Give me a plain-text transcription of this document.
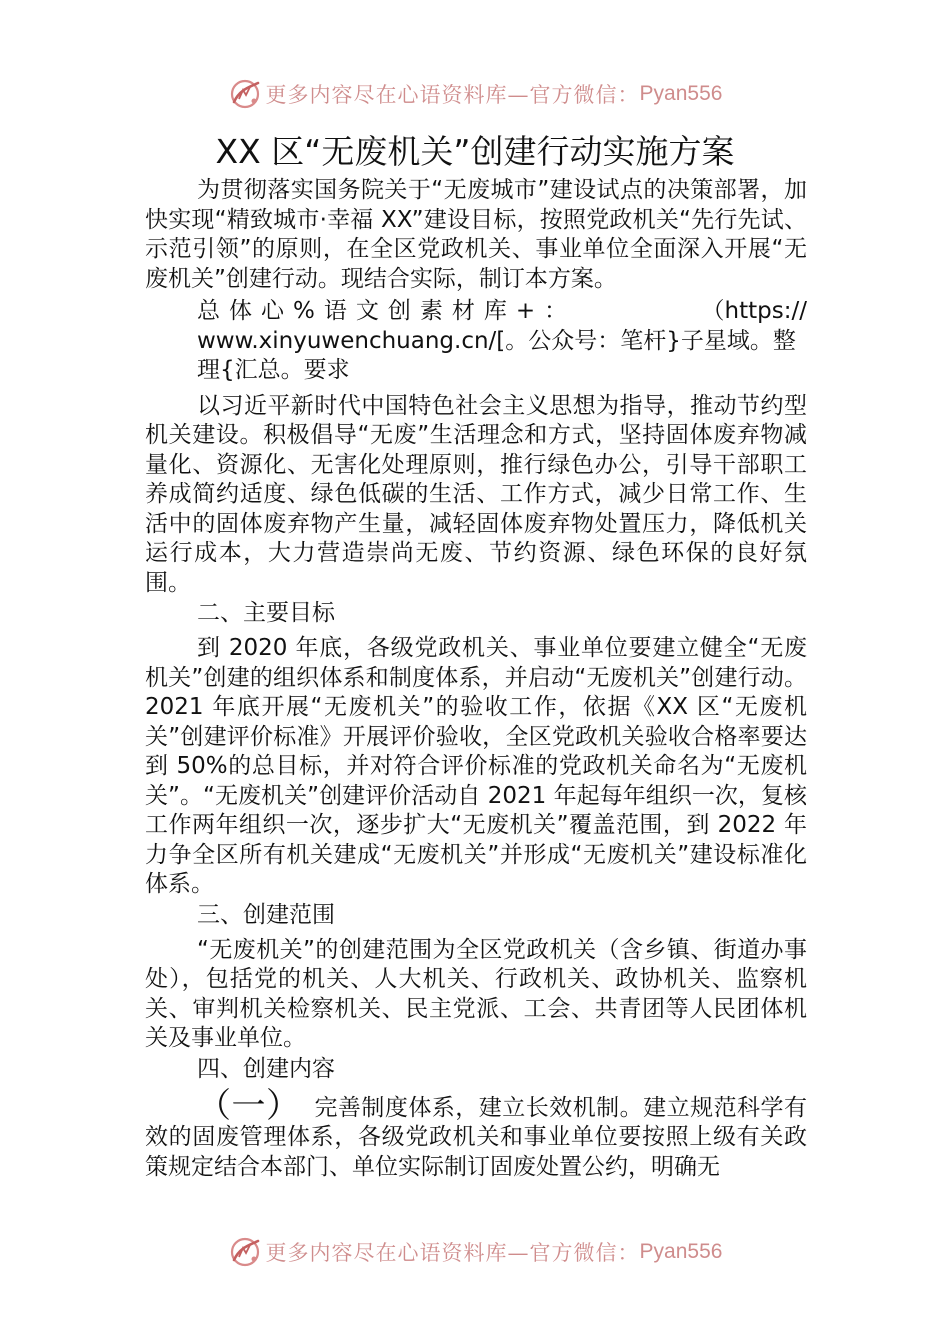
更多内容尽在心语资料库—官方微信： Pyan556
XX 区“无废机关”创建行动实施方案

为贯彻落实国务院关于“无废城市”建设试点的决策部署，加快实现“精致城市·幸福 XX”建设目标，按照党政机关“先行先试、示范引领”的原则，在全区党政机关、事业单位全面深入开展“无废机关”创建行动。现结合实际，制订本方案。

总体心%语文创素材库+：	（https://

www.xinyuwenchuang.cn/[。公众号：笔杆}子星域。整

理{汇总。要求

以习近平新时代中国特色社会主义思想为指导，推动节约型机关建设。积极倡导“无废”生活理念和方式，坚持固体废弃物减量化、资源化、无害化处理原则，推行绿色办公，引导干部职工养成简约适度、绿色低碳的生活、工作方式，减少日常工作、生活中的固体废弃物产生量，减轻固体废弃物处置压力，降低机关运行成本，大力营造崇尚无废、节约资源、绿色环保的良好氛围。

二、主要目标

到 2020 年底，各级党政机关、事业单位要建立健全“无废机关”创建的组织体系和制度体系，并启动“无废机关”创建行动。2021 年底开展“无废机关”的验收工作，依据《XX 区“无废机关”创建评价标准》开展评价验收，全区党政机关验收合格率要达到 50%的总目标，并对符合评价标准的党政机关命名为“无废机关”。“无废机关”创建评价活动自 2021 年起每年组织一次，复核工作两年组织一次，逐步扩大“无废机关”覆盖范围，到 2022 年力争全区所有机关建成“无废机关”并形成“无废机关”建设标准化体系。

三、创建范围

“无废机关”的创建范围为全区党政机关（含乡镇、街道办事处），包括党的机关、人大机关、行政机关、政协机关、监察机关、审判机关检察机关、民主党派、工会、共青团等人民团体机关及事业单位。

四、创建内容

（一） 完善制度体系，建立长效机制。建立规范科学有效的固废管理体系，各级党政机关和事业单位要按照上级有关政策规定结合本部门、单位实际制订固废处置公约，明确无

更多内容尽在心语资料库—官方微信： Pyan556
